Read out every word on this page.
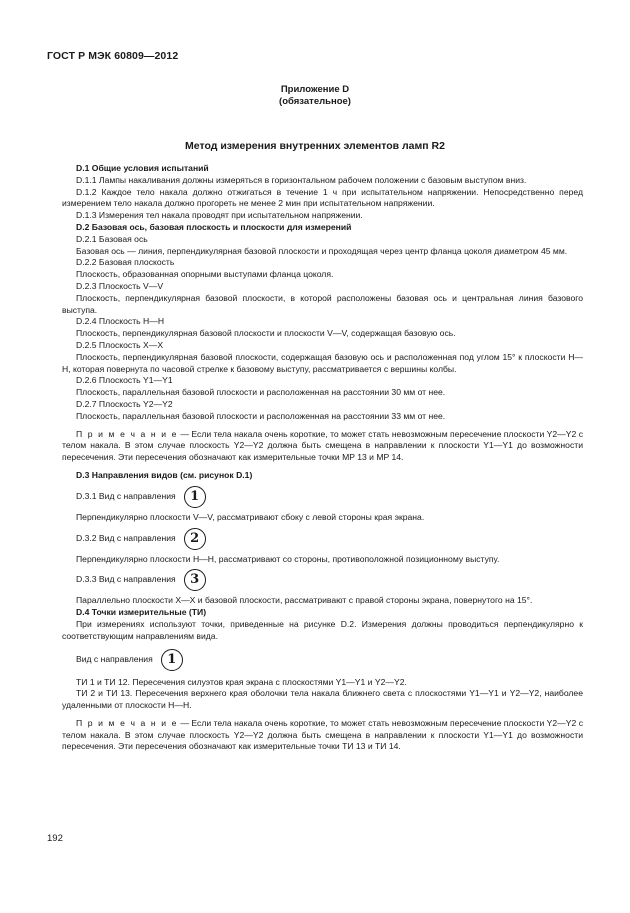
ГОСТ Р МЭК 60809—2012
Приложение D
(обязательное)
Метод измерения внутренних элементов ламп R2

D.1 Общие условия испытаний

D.1.1 Лампы накаливания должны измеряться в горизонтальном рабочем положении с базовым выступом вниз.

D.1.2 Каждое тело накала должно отжигаться в течение 1 ч при испытательном напряжении. Непосредственно перед измерением тело накала должно прогореть не менее 2 мин при испытательном напряжении.

D.1.3 Измерения тел накала проводят при испытательном напряжении.

D.2 Базовая ось, базовая плоскость и плоскости для измерений

D.2.1 Базовая ось

Базовая ось — линия, перпендикулярная базовой плоскости и проходящая через центр фланца цоколя диаметром 45 мм.

D.2.2 Базовая плоскость

Плоскость, образованная опорными выступами фланца цоколя.

D.2.3 Плоскость V—V

Плоскость, перпендикулярная базовой плоскости, в которой расположены базовая ось и центральная линия базового выступа.

D.2.4 Плоскость H—H

Плоскость, перпендикулярная базовой плоскости и плоскости V—V, содержащая базовую ось.

D.2.5 Плоскость X—X

Плоскость, перпендикулярная базовой плоскости, содержащая базовую ось и расположенная под углом 15° к плоскости H—H, которая повернута по часовой стрелке к базовому выступу, рассматривается с вершины колбы.

D.2.6 Плоскость Y1—Y1

Плоскость, параллельная базовой плоскости и расположенная на расстоянии 30 мм от нее.

D.2.7 Плоскость Y2—Y2

Плоскость, параллельная базовой плоскости и расположенная на расстоянии 33 мм от нее.

П р и м е ч а н и е — Если тела накала очень короткие, то может стать невозможным пересечение плоскости Y2—Y2 с телом накала. В этом случае плоскость Y2—Y2 должна быть смещена в направлении к плоскости Y1—Y1 до возможности пересечения. Эти пересечения обозначают как измерительные точки MP 13 и MP 14.

D.3 Направления видов (см. рисунок D.1)

D.3.1 Вид с направления	1

Перпендикулярно плоскости V—V, рассматривают сбоку с левой стороны края экрана.

D.3.2 Вид с направления	2

Перпендикулярно плоскости H—H, рассматривают со стороны, противоположной позиционному выступу.

D.3.3 Вид с направления	3

Параллельно плоскости X—X и базовой плоскости, рассматривают с правой стороны экрана, повернутого на 15°.

D.4 Точки измерительные (ТИ)

При измерениях используют точки, приведенные на рисунке D.2. Измерения должны проводиться перпендикулярно к соответствующим направлениям вида.

Вид с направления	1

ТИ 1 и ТИ 12. Пересечения силуэтов края экрана с плоскостями Y1—Y1 и Y2—Y2.

ТИ 2 и ТИ 13. Пересечения верхнего края оболочки тела накала ближнего света с плоскостями Y1—Y1 и Y2—Y2, наиболее удаленными от плоскости H—H.

П р и м е ч а н и е — Если тела накала очень короткие, то может стать невозможным пересечение плоскости Y2—Y2 с телом накала. В этом случае плоскость Y2—Y2 должна быть смещена в направлении к плоскости Y1—Y1 до возможности пересечения. Эти пересечения обозначают как измерительные точки ТИ 13 и ТИ 14.

192
